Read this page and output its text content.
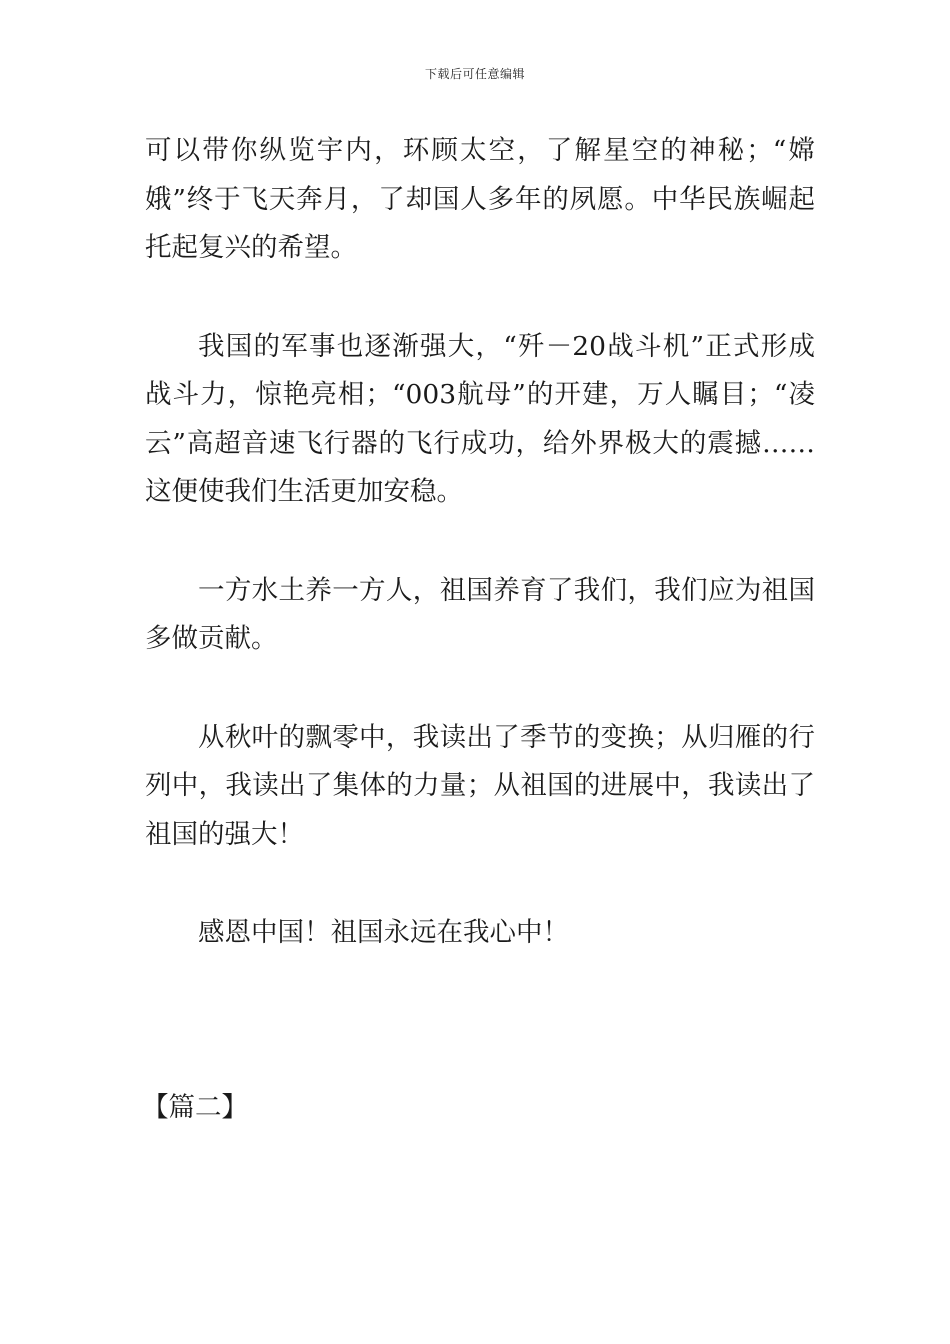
下载后可任意编辑

可以带你纵览宇内，环顾太空，了解星空的神秘；“嫦娥”终于飞天奔月，了却国人多年的夙愿。中华民族崛起托起复兴的希望。

我国的军事也逐渐强大，“歼－20战斗机”正式形成战斗力，惊艳亮相；“003航母”的开建，万人瞩目；“凌云”高超音速飞行器的飞行成功，给外界极大的震撼……这便使我们生活更加安稳。

一方水土养一方人，祖国养育了我们，我们应为祖国多做贡献。

从秋叶的飘零中，我读出了季节的变换；从归雁的行列中，我读出了集体的力量；从祖国的进展中，我读出了祖国的强大！

感恩中国！祖国永远在我心中！

【篇二】
